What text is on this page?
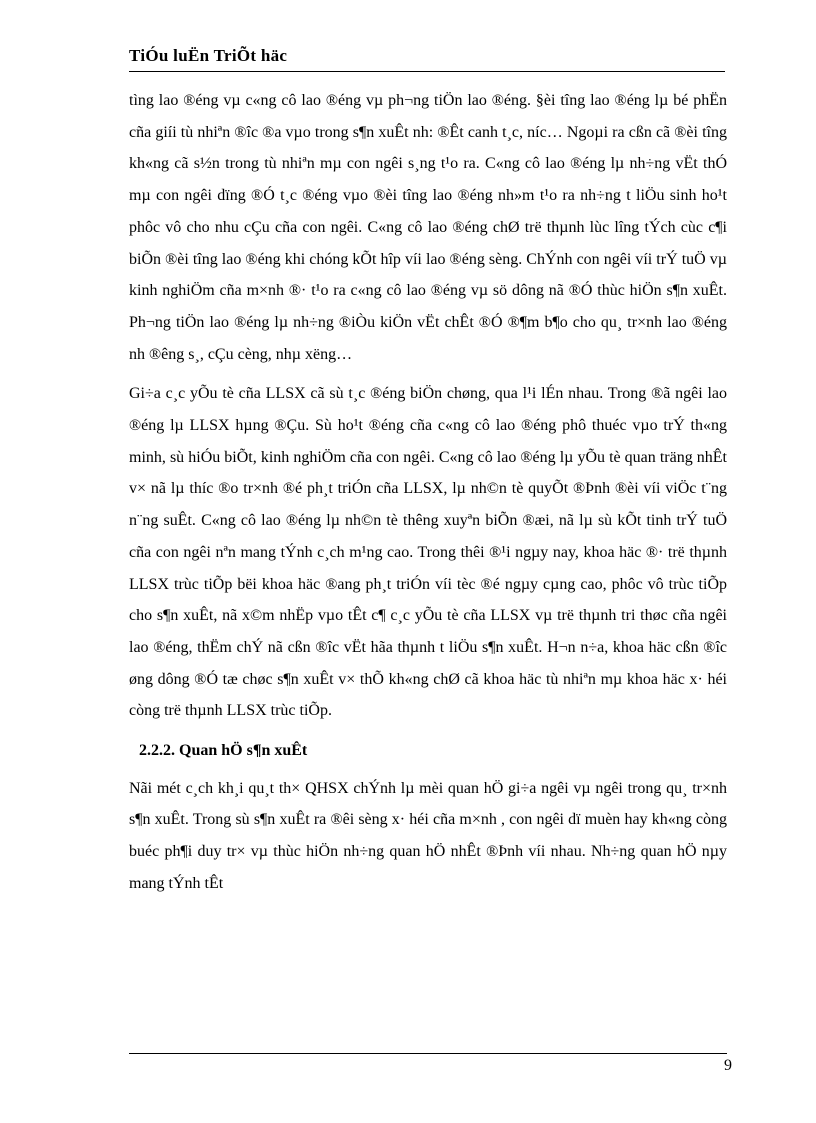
TiÓu luËn TriÕt häc

tìng lao ®éng vµ c«ng cô lao ®éng vµ ph¬ng tiÖn lao ®éng. §èi tîng lao ®éng lµ bé phËn cña giíi tù nhiªn ®îc ®a vµo trong s¶n xuÊt nh: ®Êt canh t¸c, níc… Ngoµi ra cßn cã ®èi tîng kh«ng cã s½n trong tù nhiªn mµ con ngêi s¸ng t¹o ra. C«ng cô lao ®éng lµ nh÷ng vËt thÓ mµ con ngêi dïng ®Ó t¸c ®éng vµo ®èi tîng lao ®éng nh»m t¹o ra nh÷ng t liÖu sinh ho¹t phôc vô cho nhu cÇu cña con ngêi. C«ng cô lao ®éng chØ trë thµnh lùc lîng tÝch cùc c¶i biÕn ®èi tîng lao ®éng khi chóng kÕt hîp víi lao ®éng sèng. ChÝnh con ngêi víi trÝ tuÖ vµ kinh nghiÖm cña m×nh ®· t¹o ra c«ng cô lao ®éng vµ sö dông nã ®Ó thùc hiÖn s¶n xuÊt. Ph¬ng tiÖn lao ®éng lµ nh÷ng ®iÒu kiÖn vËt chÊt ®Ó ®¶m b¶o cho qu¸ tr×nh lao ®éng nh ®êng s¸, cÇu cèng, nhµ xëng…

Gi÷a c¸c yÕu tè cña LLSX cã sù t¸c ®éng biÖn chøng, qua l¹i lÉn nhau. Trong ®ã ngêi lao ®éng lµ LLSX hµng ®Çu. Sù ho¹t ®éng cña c«ng cô lao ®éng phô thuéc vµo trÝ th«ng minh, sù hiÓu biÕt, kinh nghiÖm cña con ngêi. C«ng cô lao ®éng lµ yÕu tè quan träng nhÊt v× nã lµ thíc ®o tr×nh ®é ph¸t triÓn cña LLSX, lµ nh©n tè quyÕt ®Þnh ®èi víi viÖc t¨ng n¨ng suÊt. C«ng cô lao ®éng lµ nh©n tè thêng xuyªn biÕn ®æi, nã lµ sù kÕt tinh trÝ tuÖ cña con ngêi nªn mang tÝnh c¸ch m¹ng cao. Trong thêi ®¹i ngµy nay, khoa häc ®· trë thµnh LLSX trùc tiÕp bëi khoa häc ®ang ph¸t triÓn víi tèc ®é ngµy cµng cao, phôc vô trùc tiÕp cho s¶n xuÊt, nã x©m nhËp vµo tÊt c¶ c¸c yÕu tè cña LLSX vµ trë thµnh tri thøc cña ngêi lao ®éng, thËm chÝ nã cßn ®îc vËt hãa thµnh t liÖu s¶n xuÊt. H¬n n÷a, khoa häc cßn ®îc øng dông ®Ó tæ chøc s¶n xuÊt v× thÕ kh«ng chØ cã khoa häc tù nhiªn mµ khoa häc x· héi còng trë thµnh LLSX trùc tiÕp.

2.2.2. Quan hÖ s¶n xuÊt

Nãi mét c¸ch kh¸i qu¸t th× QHSX chÝnh lµ mèi quan hÖ gi÷a ngêi vµ ngêi trong qu¸ tr×nh s¶n xuÊt. Trong sù s¶n xuÊt ra ®êi sèng x· héi cña m×nh , con ngêi dï muèn hay kh«ng còng buéc ph¶i duy tr× vµ thùc hiÖn nh÷ng quan hÖ nhÊt ®Þnh víi nhau. Nh÷ng quan hÖ nµy mang tÝnh tÊt

9
